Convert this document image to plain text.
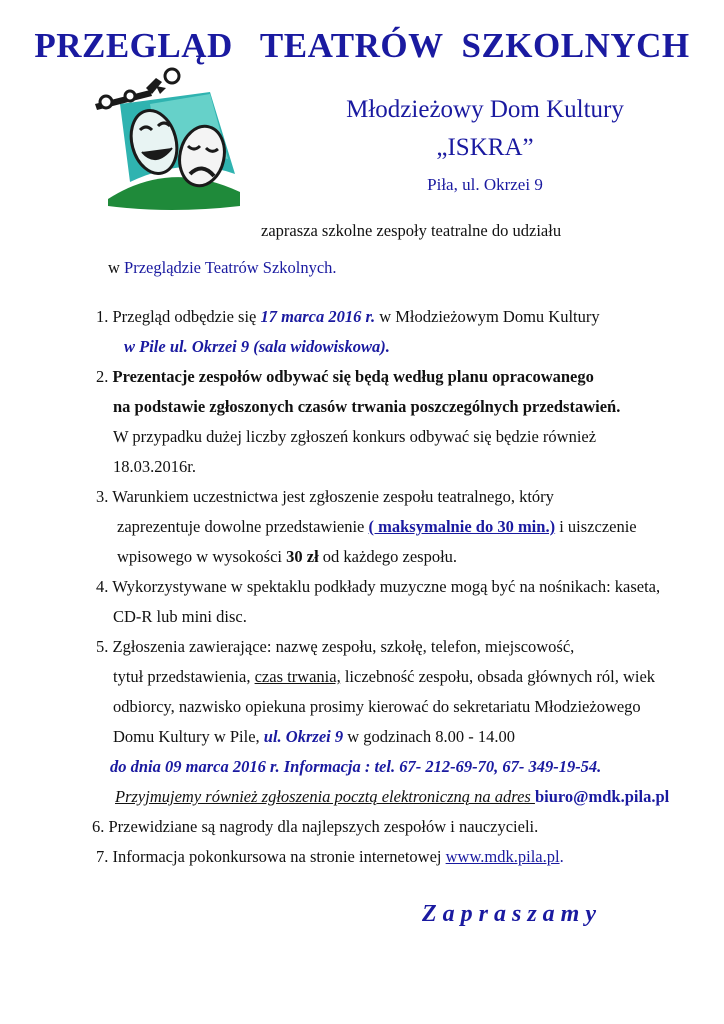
PRZEGLĄD   TEATRÓW  SZKOLNYCH
Młodzieżowy Dom Kultury
„ISKRA”
Piła, ul. Okrzei 9
zaprasza szkolne zespoły teatralne do udziału
w Przeglądzie Teatrów Szkolnych.
1. Przegląd odbędzie się 17 marca 2016 r. w Młodzieżowym Domu Kultury
w Pile ul. Okrzei 9 (sala widowiskowa).
2. Prezentacje zespołów odbywać się będą według planu opracowanego
na podstawie zgłoszonych czasów trwania poszczególnych przedstawień.
W przypadku dużej liczby zgłoszeń konkurs odbywać się będzie również
18.03.2016r.
3. Warunkiem uczestnictwa jest zgłoszenie zespołu teatralnego, który
zaprezentuje dowolne przedstawienie ( maksymalnie do 30 min.) i uiszczenie
wpisowego w wysokości 30 zł od każdego zespołu.
4. Wykorzystywane w spektaklu podkłady muzyczne mogą być na nośnikach: kaseta,
CD-R lub mini disc.
5. Zgłoszenia zawierające: nazwę zespołu, szkołę, telefon, miejscowość,
tytuł przedstawienia, czas trwania, liczebność zespołu, obsada głównych ról, wiek
odbiorcy, nazwisko opiekuna prosimy kierować do sekretariatu Młodzieżowego
Domu Kultury w Pile, ul. Okrzei 9 w godzinach 8.00 - 14.00
do dnia 09 marca 2016 r. Informacja : tel. 67- 212-69-70, 67- 349-19-54.
Przyjmujemy również zgłoszenia pocztą elektroniczną na adres biuro@mdk.pila.pl
6. Przewidziane są nagrody dla najlepszych zespołów i nauczycieli.
7. Informacja pokonkursowa na stronie internetowej www.mdk.pila.pl.
Zapraszamy
